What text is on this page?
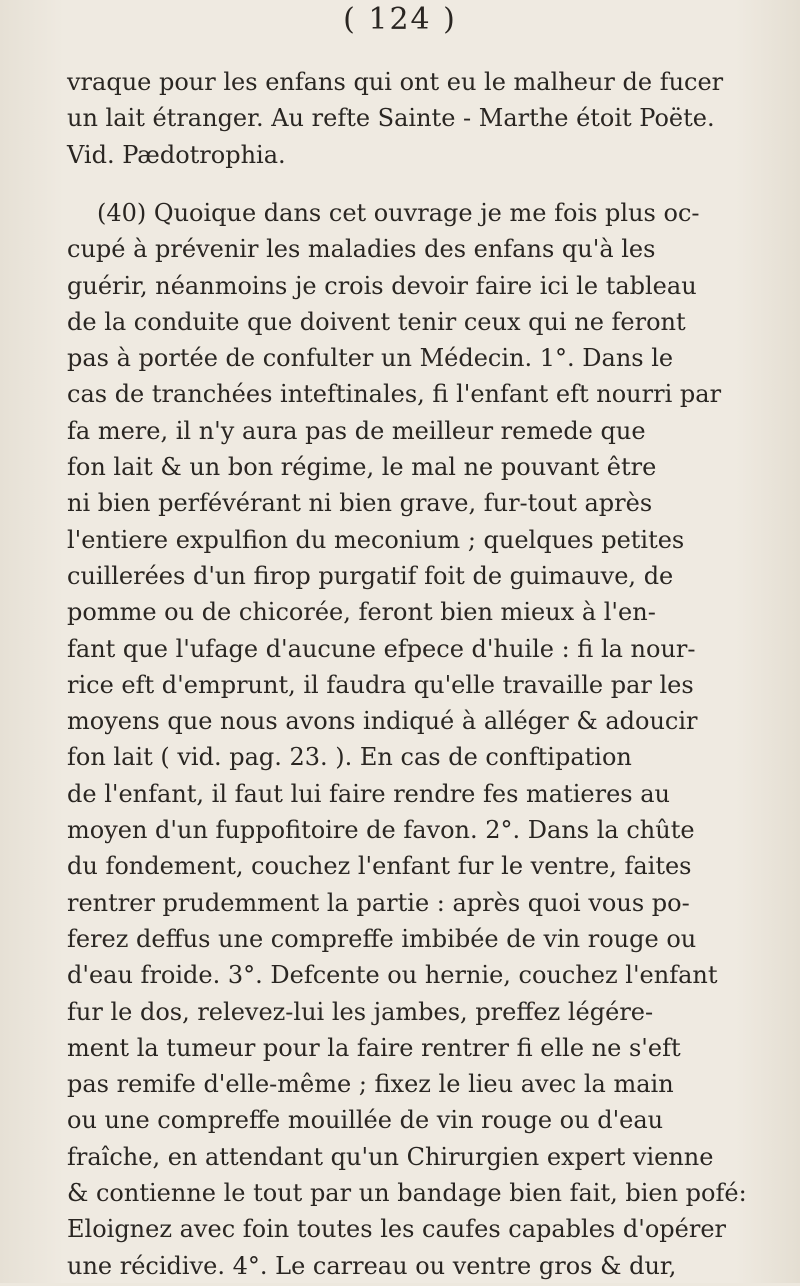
( 124 )
vraque pour les enfans qui ont eu le malheur de fucer
un lait étranger. Au refte Sainte - Marthe étoit Poëte.
Vid. Pædotrophia.
(40) Quoique dans cet ouvrage je me fois plus oc-
cupé à prévenir les maladies des enfans qu'à les
guérir, néanmoins je crois devoir faire ici le tableau
de la conduite que doivent tenir ceux qui ne feront
pas à portée de confulter un Médecin. 1°. Dans le
cas de tranchées inteftinales, fi l'enfant eft nourri par
fa mere, il n'y aura pas de meilleur remede que
fon lait & un bon régime, le mal ne pouvant être
ni bien perfévérant ni bien grave, fur-tout après
l'entiere expulfion du meconium ; quelques petites
cuillerées d'un firop purgatif foit de guimauve, de
pomme ou de chicorée, feront bien mieux à l'en-
fant que l'ufage d'aucune efpece d'huile : fi la nour-
rice eft d'emprunt, il faudra qu'elle travaille par les
moyens que nous avons indiqué à alléger & adoucir
fon lait ( vid. pag. 23. ). En cas de conftipation
de l'enfant, il faut lui faire rendre fes matieres au
moyen d'un fuppofitoire de favon. 2°. Dans la chûte
du fondement, couchez l'enfant fur le ventre, faites
rentrer prudemment la partie : après quoi vous po-
ferez deffus une compreffe imbibée de vin rouge ou
d'eau froide. 3°. Defcente ou hernie, couchez l'enfant
fur le dos, relevez-lui les jambes, preffez légére-
ment la tumeur pour la faire rentrer fi elle ne s'eft
pas remife d'elle-même ; fixez le lieu avec la main
ou une compreffe mouillée de vin rouge ou d'eau
fraîche, en attendant qu'un Chirurgien expert vienne
& contienne le tout par un bandage bien fait, bien pofé:
Eloignez avec foin toutes les caufes capables d'opérer
une récidive. 4°. Le carreau ou ventre gros & dur,
